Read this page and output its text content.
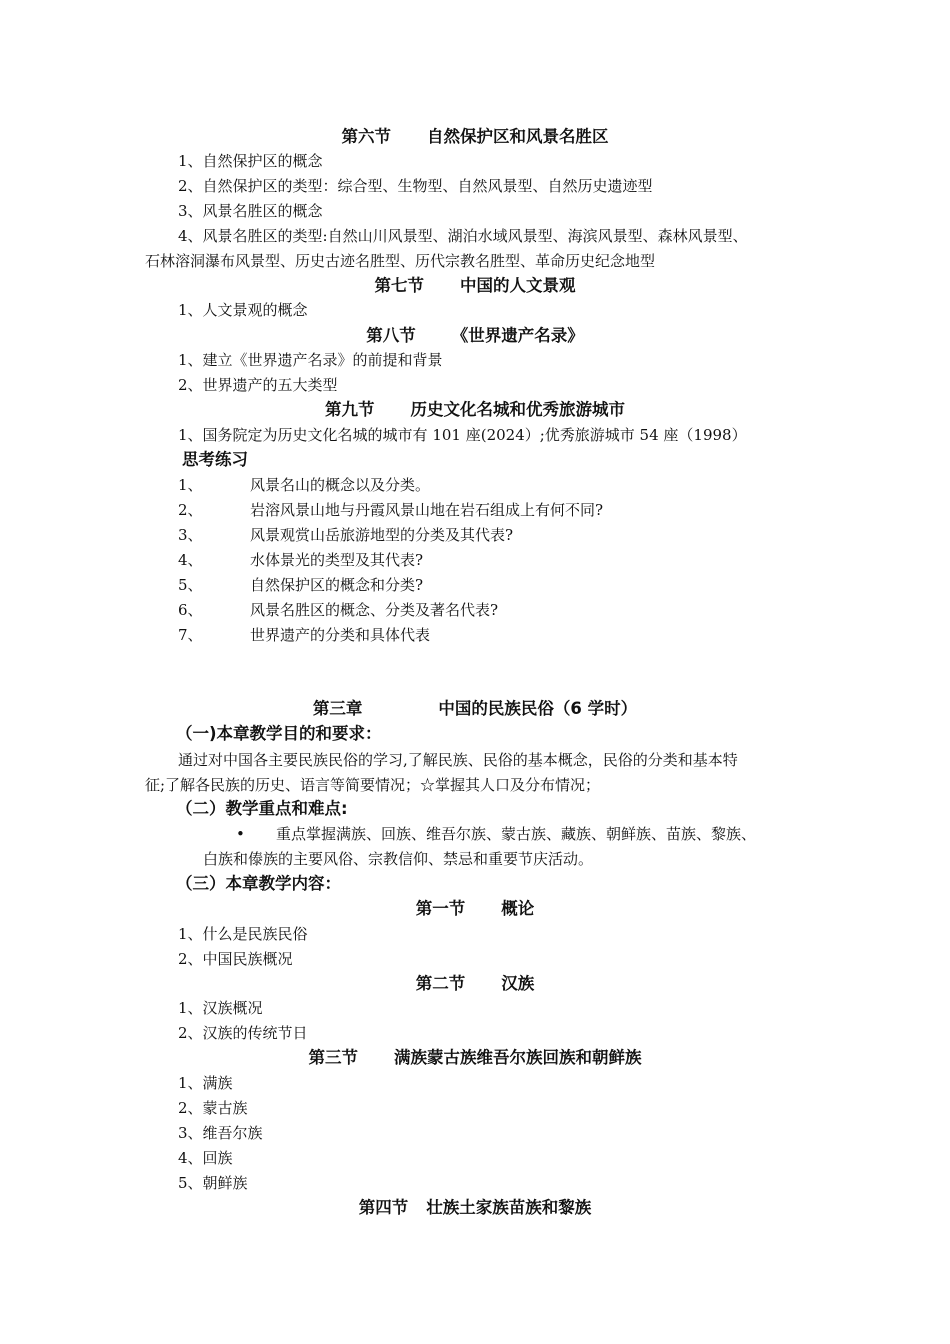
第六节 自然保护区和风景名胜区
1、自然保护区的概念
2、自然保护区的类型：综合型、生物型、自然风景型、自然历史遗迹型
3、风景名胜区的概念
4、风景名胜区的类型:自然山川风景型、湖泊水域风景型、海滨风景型、森林风景型、
石林溶洞瀑布风景型、历史古迹名胜型、历代宗教名胜型、革命历史纪念地型
第七节 中国的人文景观
1、人文景观的概念
第八节 《世界遗产名录》
1、建立《世界遗产名录》的前提和背景
2、世界遗产的五大类型
第九节 历史文化名城和优秀旅游城市
1、国务院定为历史文化名城的城市有 101 座(2024）;优秀旅游城市 54 座（1998）
思考练习
1、	风景名山的概念以及分类。
2、	岩溶风景山地与丹霞风景山地在岩石组成上有何不同?
3、	风景观赏山岳旅游地型的分类及其代表?
4、	水体景光的类型及其代表?
5、	自然保护区的概念和分类?
6、	风景名胜区的概念、分类及著名代表?
7、	世界遗产的分类和具体代表
第三章	中国的民族民俗（6 学时）
（一)本章教学目的和要求：
通过对中国各主要民族民俗的学习,了解民族、民俗的基本概念，民俗的分类和基本特
征;了解各民族的历史、语言等简要情况；☆掌握其人口及分布情况；
（二）教学重点和难点:
• 重点掌握满族、回族、维吾尔族、蒙古族、藏族、朝鲜族、苗族、黎族、
白族和傣族的主要风俗、宗教信仰、禁忌和重要节庆活动。
（三）本章教学内容：
第一节 概论
1、什么是民族民俗
2、中国民族概况
第二节 汉族
1、汉族概况
2、汉族的传统节日
第三节 满族蒙古族维吾尔族回族和朝鲜族
1、满族
2、蒙古族
3、维吾尔族
4、回族
5、朝鲜族
第四节 壮族土家族苗族和黎族
